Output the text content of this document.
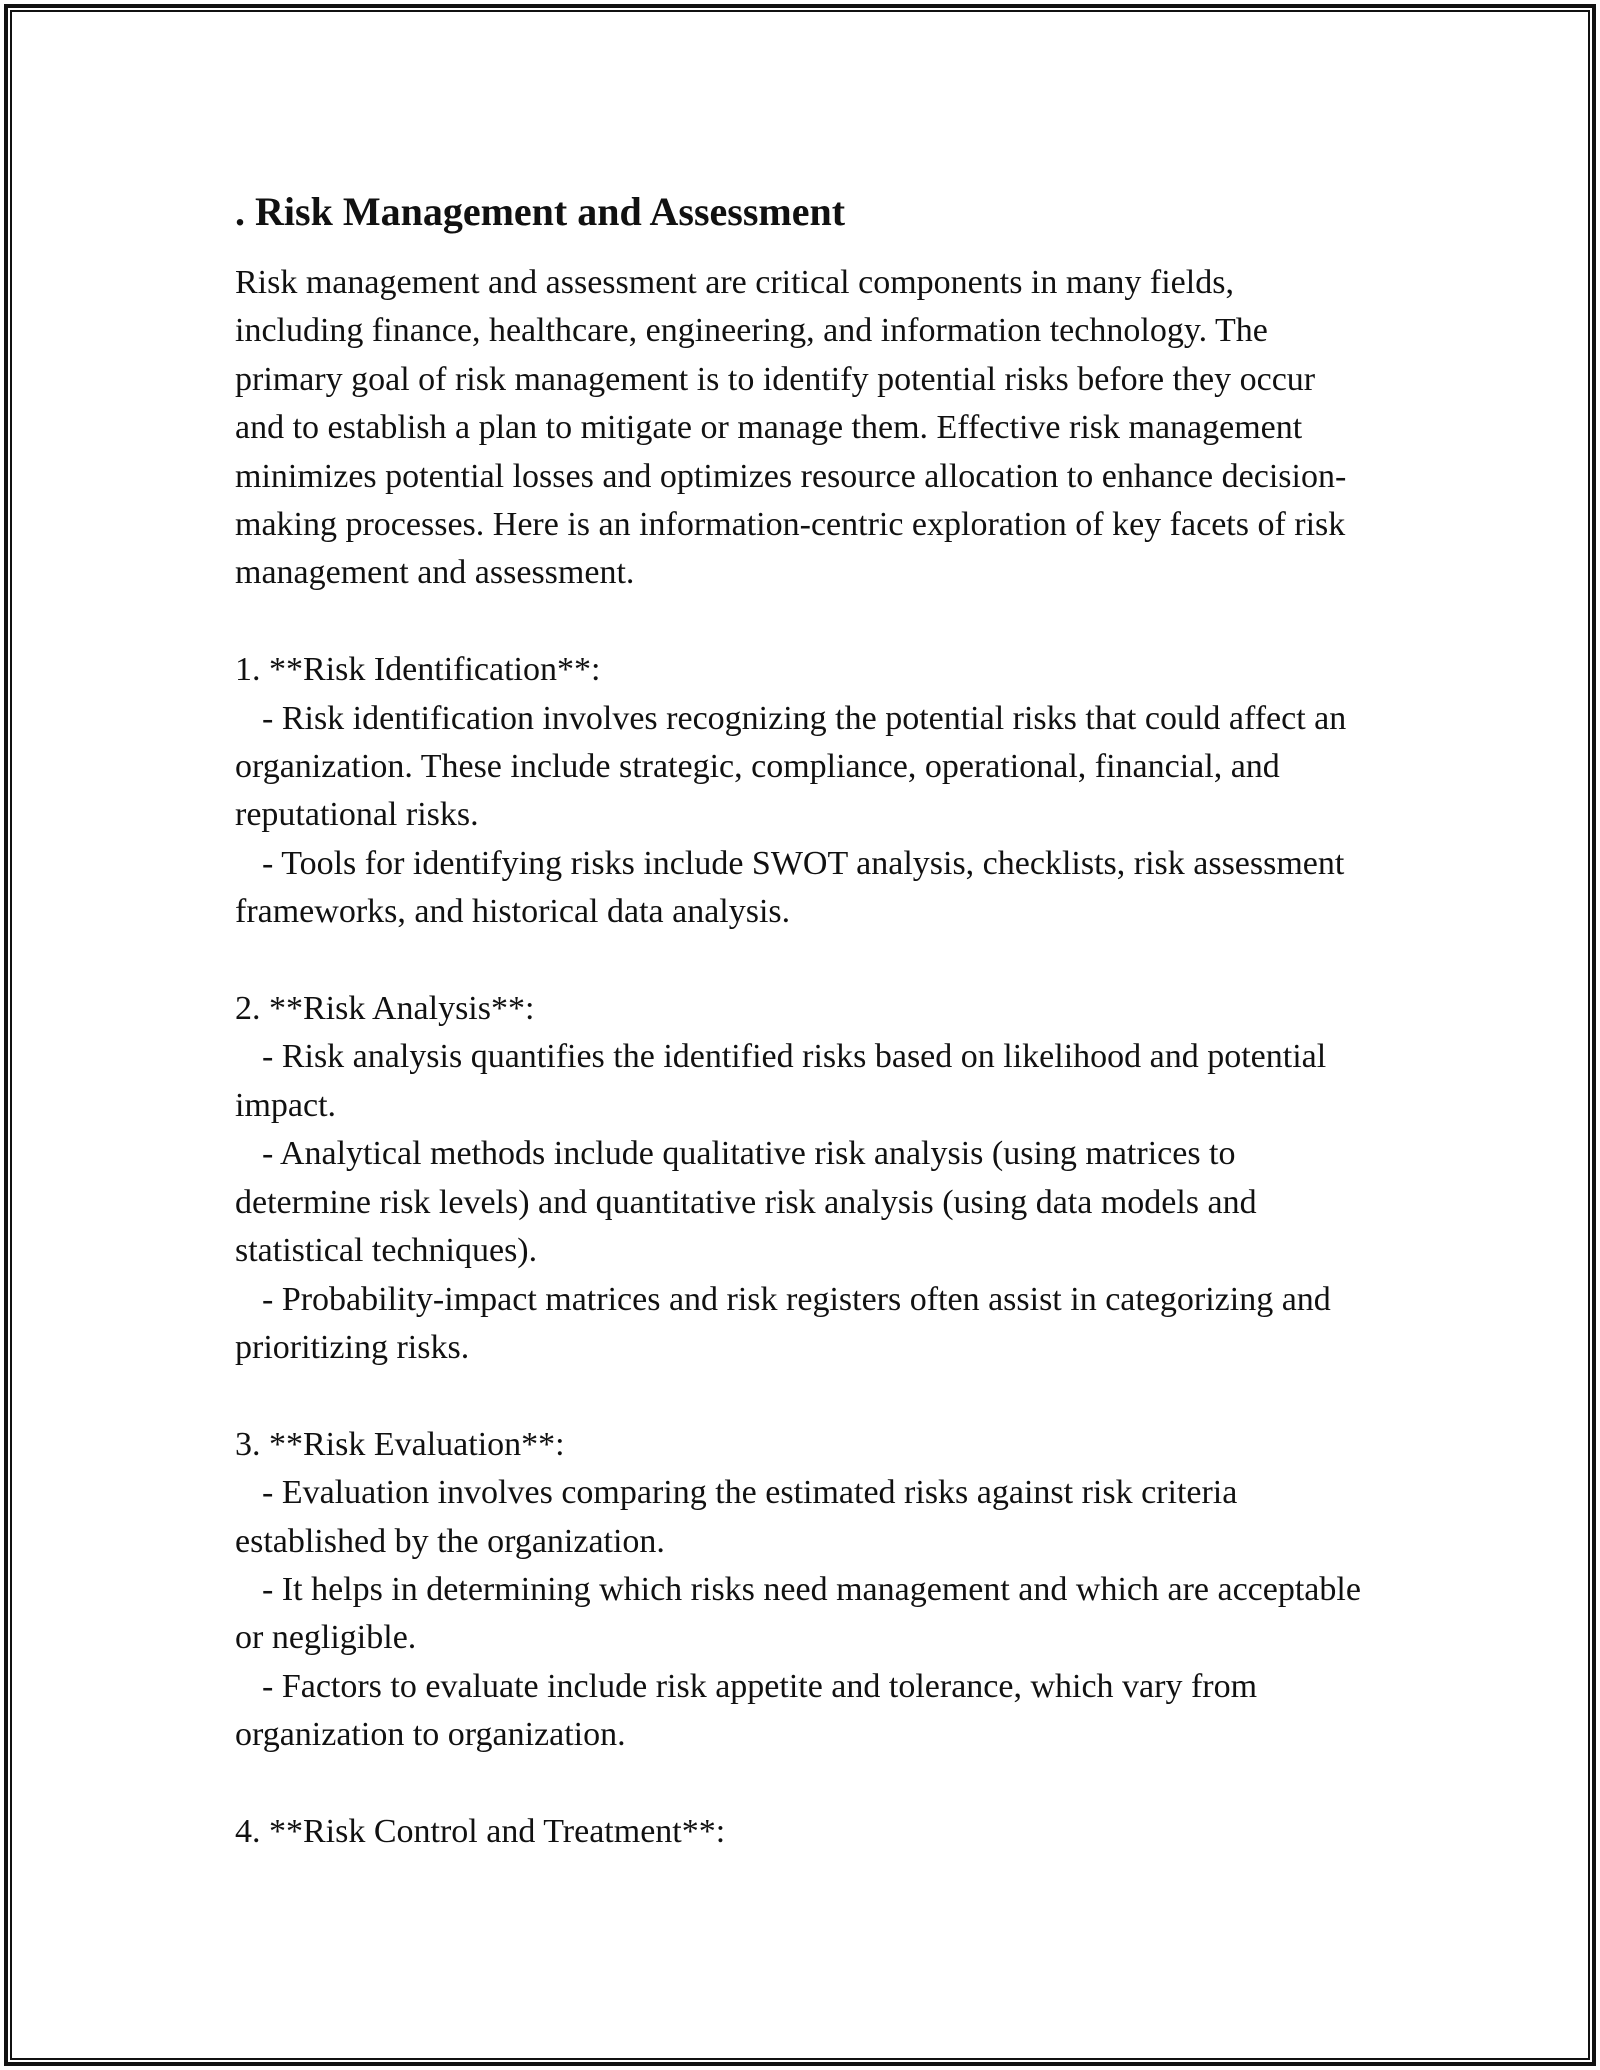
. Risk Management and Assessment

Risk management and assessment are critical components in many fields, including finance, healthcare, engineering, and information technology. The primary goal of risk management is to identify potential risks before they occur and to establish a plan to mitigate or manage them. Effective risk management minimizes potential losses and optimizes resource allocation to enhance decision-making processes. Here is an information-centric exploration of key facets of risk management and assessment.

1. **Risk Identification**:

- Risk identification involves recognizing the potential risks that could affect an organization. These include strategic, compliance, operational, financial, and reputational risks.

- Tools for identifying risks include SWOT analysis, checklists, risk assessment frameworks, and historical data analysis.

2. **Risk Analysis**:

- Risk analysis quantifies the identified risks based on likelihood and potential impact.

- Analytical methods include qualitative risk analysis (using matrices to determine risk levels) and quantitative risk analysis (using data models and statistical techniques).

- Probability-impact matrices and risk registers often assist in categorizing and prioritizing risks.

3. **Risk Evaluation**:

- Evaluation involves comparing the estimated risks against risk criteria established by the organization.

- It helps in determining which risks need management and which are acceptable or negligible.

- Factors to evaluate include risk appetite and tolerance, which vary from organization to organization.

4. **Risk Control and Treatment**:
